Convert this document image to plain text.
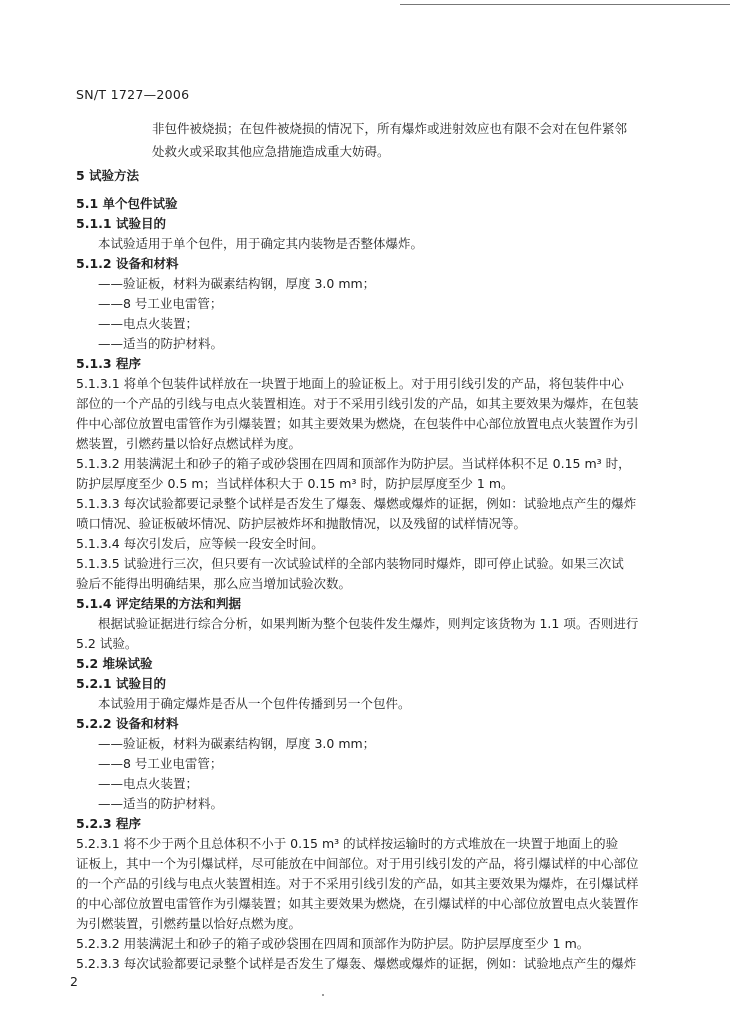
SN/T 1727—2006
非包件被烧损；在包件被烧损的情况下，所有爆炸或进射效应也有限不会对在包件紧邻
处救火或采取其他应急措施造成重大妨碍。
5 试验方法
5.1 单个包件试验
5.1.1 试验目的
本试验适用于单个包件，用于确定其内装物是否整体爆炸。
5.1.2 设备和材料
——验证板，材料为碳素结构钢，厚度 3.0 mm；
——8 号工业电雷管；
——电点火装置；
——适当的防护材料。
5.1.3 程序
5.1.3.1 将单个包装件试样放在一块置于地面上的验证板上。对于用引线引发的产品，将包装件中心
部位的一个产品的引线与电点火装置相连。对于不采用引线引发的产品，如其主要效果为爆炸，在包装
件中心部位放置电雷管作为引爆装置；如其主要效果为燃烧，在包装件中心部位放置电点火装置作为引
燃装置，引燃药量以恰好点燃试样为度。
5.1.3.2 用装满泥土和砂子的箱子或砂袋围在四周和顶部作为防护层。当试样体积不足 0.15 m³ 时，
防护层厚度至少 0.5 m；当试样体积大于 0.15 m³ 时，防护层厚度至少 1 m。
5.1.3.3 每次试验都要记录整个试样是否发生了爆轰、爆燃或爆炸的证据，例如：试验地点产生的爆炸
喷口情况、验证板破坏情况、防护层被炸坏和抛散情况，以及残留的试样情况等。
5.1.3.4 每次引发后，应等候一段安全时间。
5.1.3.5 试验进行三次，但只要有一次试验试样的全部内装物同时爆炸，即可停止试验。如果三次试
验后不能得出明确结果，那么应当增加试验次数。
5.1.4 评定结果的方法和判据
根据试验证据进行综合分析，如果判断为整个包装件发生爆炸，则判定该货物为 1.1 项。否则进行
5.2 试验。
5.2 堆垛试验
5.2.1 试验目的
本试验用于确定爆炸是否从一个包件传播到另一个包件。
5.2.2 设备和材料
——验证板，材料为碳素结构钢，厚度 3.0 mm；
——8 号工业电雷管；
——电点火装置；
——适当的防护材料。
5.2.3 程序
5.2.3.1 将不少于两个且总体积不小于 0.15 m³ 的试样按运输时的方式堆放在一块置于地面上的验
证板上，其中一个为引爆试样，尽可能放在中间部位。对于用引线引发的产品，将引爆试样的中心部位
的一个产品的引线与电点火装置相连。对于不采用引线引发的产品，如其主要效果为爆炸，在引爆试样
的中心部位放置电雷管作为引爆装置；如其主要效果为燃烧，在引爆试样的中心部位放置电点火装置作
为引燃装置，引燃药量以恰好点燃为度。
5.2.3.2 用装满泥土和砂子的箱子或砂袋围在四周和顶部作为防护层。防护层厚度至少 1 m。
5.2.3.3 每次试验都要记录整个试样是否发生了爆轰、爆燃或爆炸的证据，例如：试验地点产生的爆炸
2
